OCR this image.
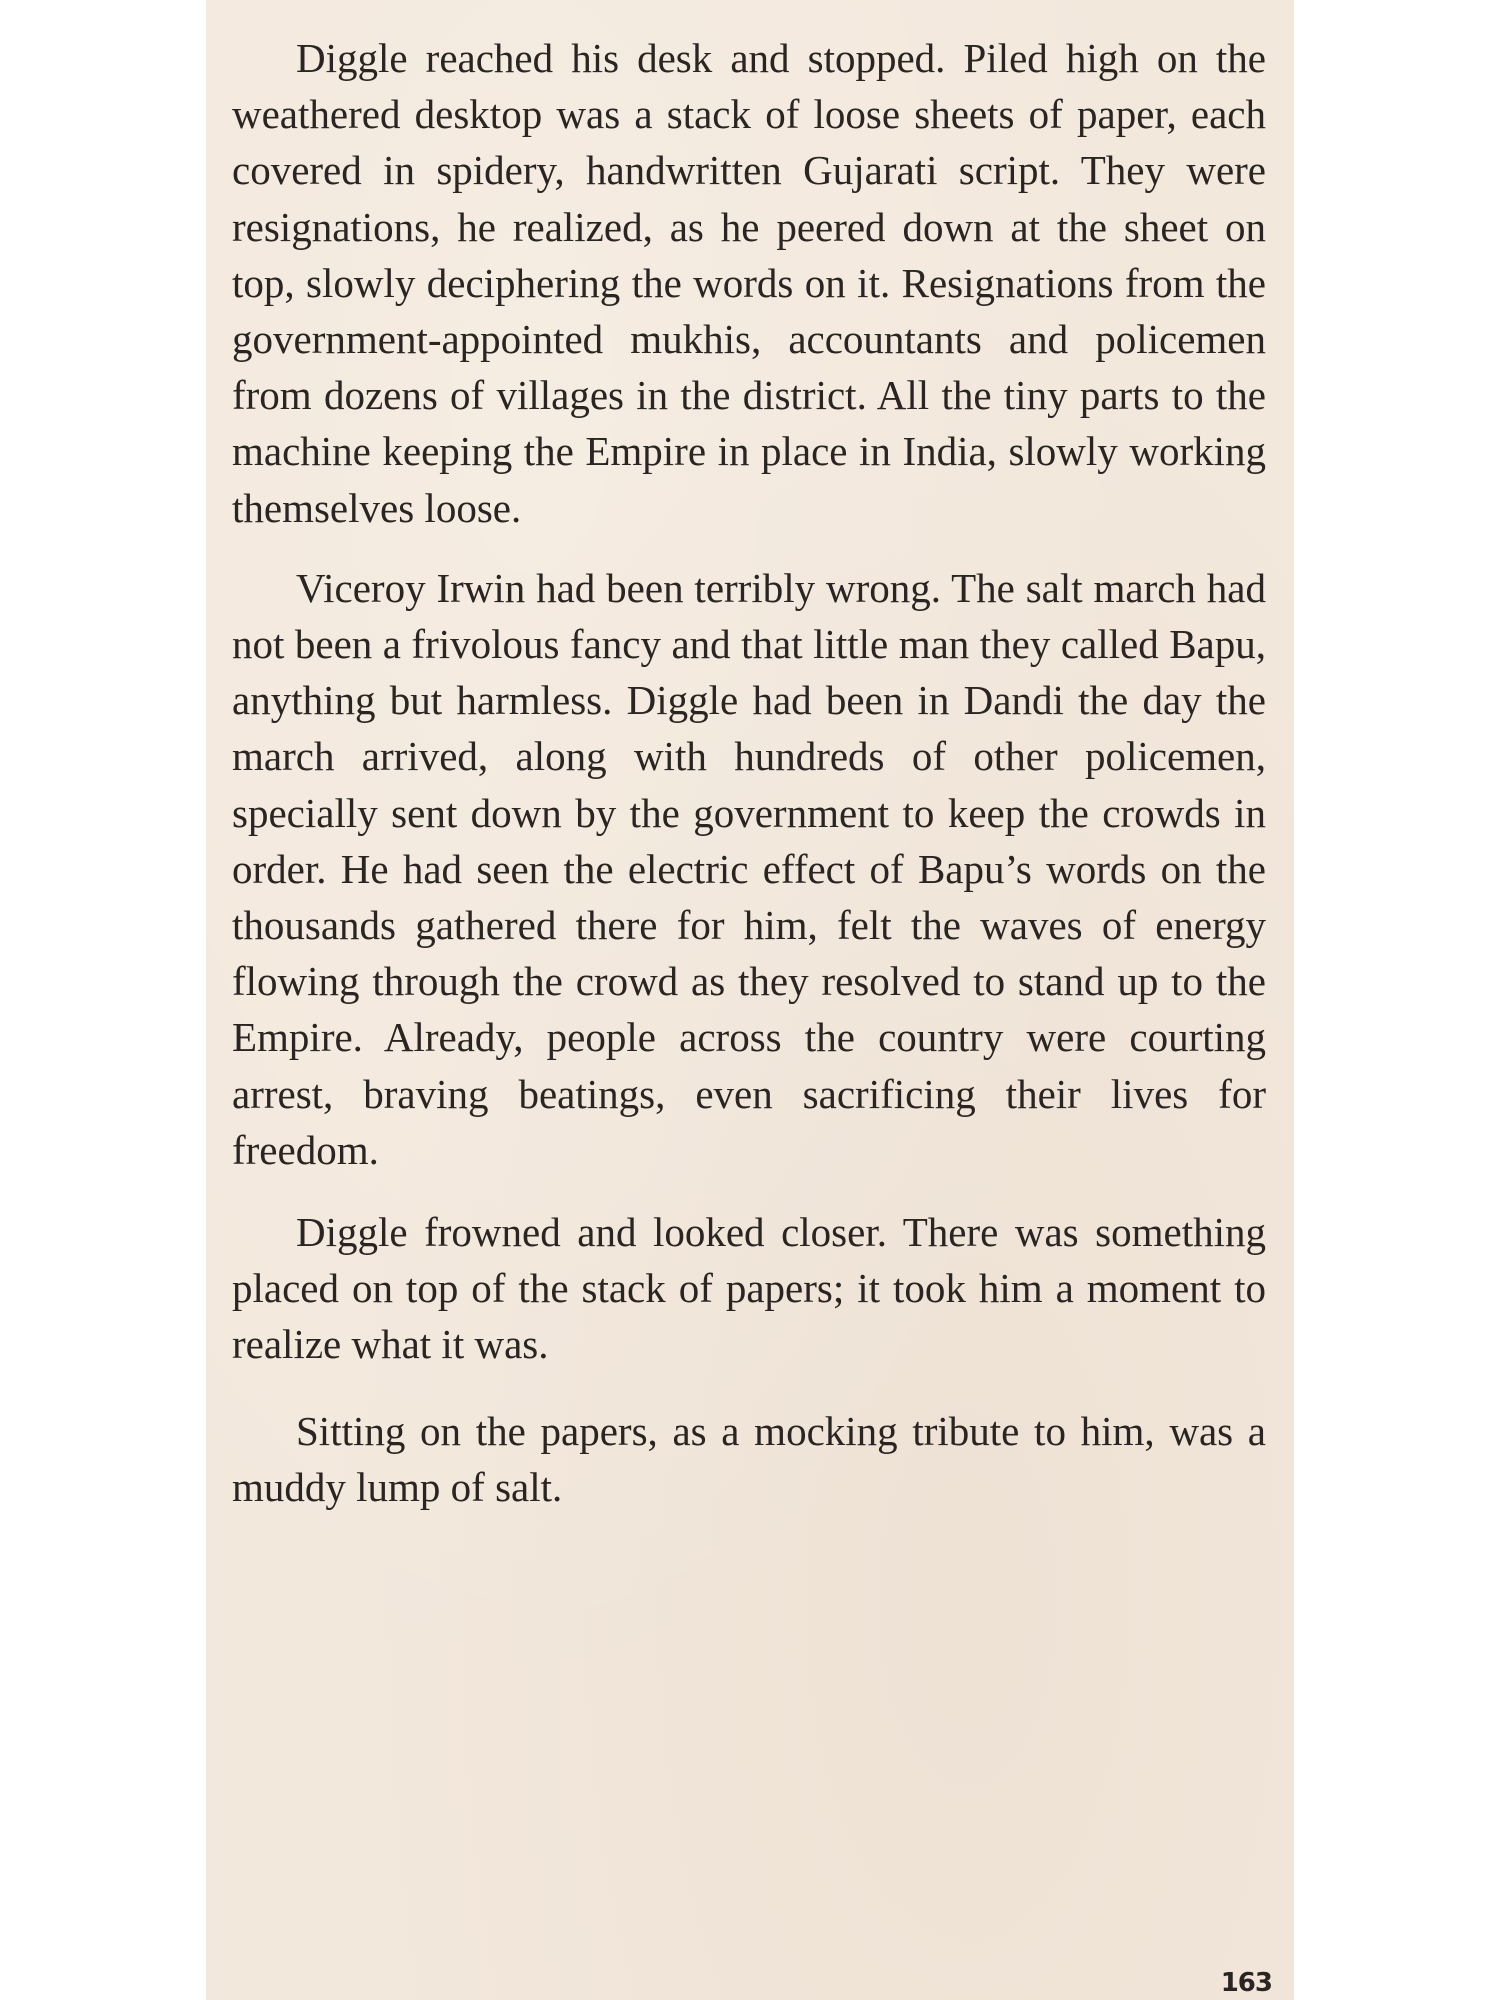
Diggle reached his desk and stopped. Piled high on the weathered desktop was a stack of loose sheets of paper, each covered in spidery, handwritten Gujarati script. They were resignations, he realized, as he peered down at the sheet on top, slowly deciphering the words on it. Resignations from the government-appointed mukhis, accountants and policemen from dozens of villages in the district. All the tiny parts to the machine keeping the Empire in place in India, slowly working themselves loose.

Viceroy Irwin had been terribly wrong. The salt march had not been a frivolous fancy and that little man they called Bapu, anything but harmless. Diggle had been in Dandi the day the march arrived, along with hundreds of other policemen, specially sent down by the government to keep the crowds in order. He had seen the electric effect of Bapu’s words on the thousands gathered there for him, felt the waves of energy flowing through the crowd as they resolved to stand up to the Empire. Already, people across the country were courting arrest, braving beatings, even sacrificing their lives for freedom.

Diggle frowned and looked closer. There was something placed on top of the stack of papers; it took him a moment to realize what it was.

Sitting on the papers, as a mocking tribute to him, was a muddy lump of salt.

163
